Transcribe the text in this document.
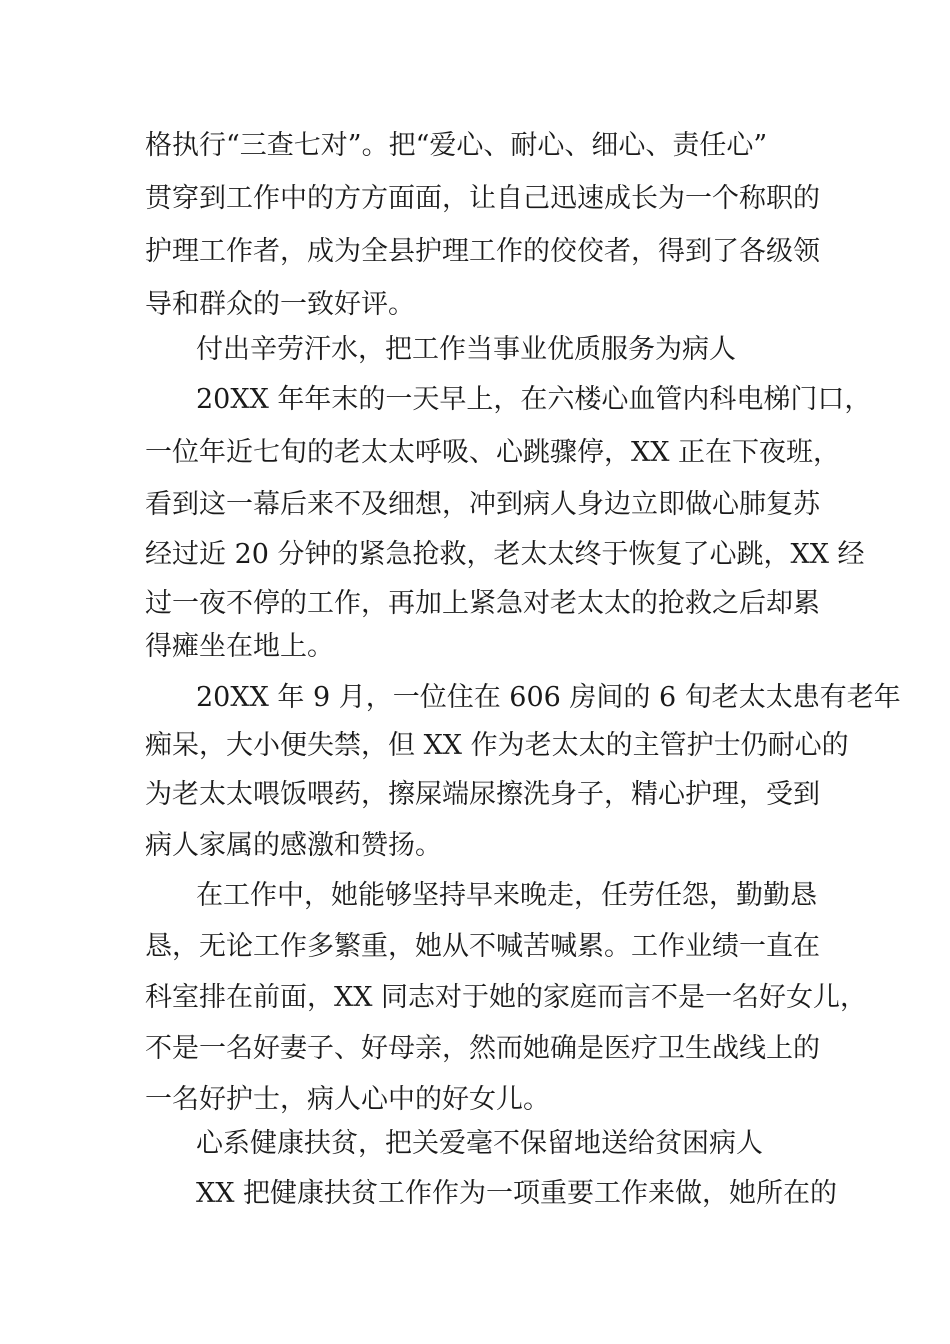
格执行“三查七对”。把“爱心、耐心、细心、责任心”
贯穿到工作中的方方面面，让自己迅速成长为一个称职的
护理工作者，成为全县护理工作的佼佼者，得到了各级领
导和群众的一致好评。
付出辛劳汗水，把工作当事业优质服务为病人
20XX 年年末的一天早上，在六楼心血管内科电梯门口，
一位年近七旬的老太太呼吸、心跳骤停，XX 正在下夜班，
看到这一幕后来不及细想，冲到病人身边立即做心肺复苏
经过近 20 分钟的紧急抢救，老太太终于恢复了心跳，XX 经
过一夜不停的工作，再加上紧急对老太太的抢救之后却累
得瘫坐在地上。
20XX 年 9 月，一位住在 606 房间的 6 旬老太太患有老年
痴呆，大小便失禁，但 XX 作为老太太的主管护士仍耐心的
为老太太喂饭喂药，擦屎端尿擦洗身子，精心护理，受到
病人家属的感激和赞扬。
在工作中，她能够坚持早来晚走，任劳任怨，勤勤恳
恳，无论工作多繁重，她从不喊苦喊累。工作业绩一直在
科室排在前面，XX 同志对于她的家庭而言不是一名好女儿，
不是一名好妻子、好母亲，然而她确是医疗卫生战线上的
一名好护士，病人心中的好女儿。
心系健康扶贫，把关爱毫不保留地送给贫困病人
XX 把健康扶贫工作作为一项重要工作来做，她所在的
